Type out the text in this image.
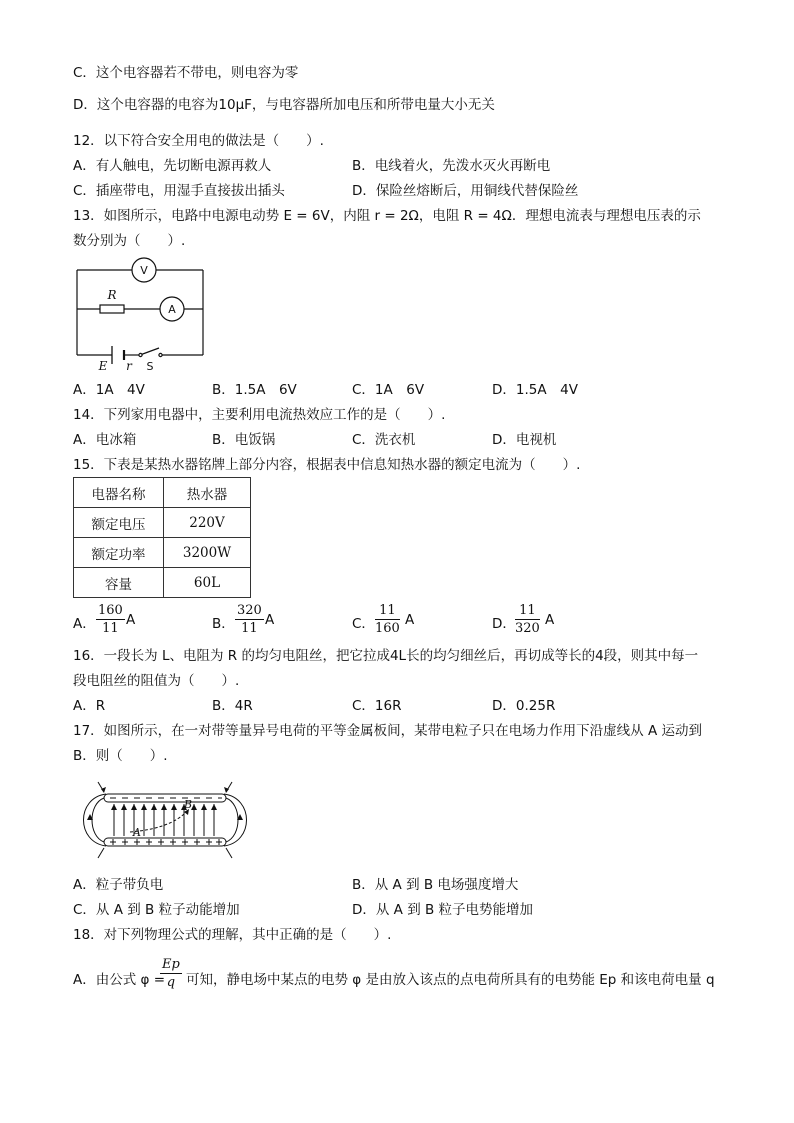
C．这个电容器若不带电，则电容为零
D．这个电容器的电容为10μF，与电容器所加电压和所带电量大小无关
12．以下符合安全用电的做法是（　　）.
A．有人触电，先切断电源再救人	B．电线着火，先泼水灭火再断电
C．插座带电，用湿手直接拔出插头	D．保险丝熔断后，用铜线代替保险丝
13．如图所示，电路中电源电动势 E = 6V，内阻 r = 2Ω，电阻 R = 4Ω．理想电流表与理想电压表的示
数分别为（　　）.
V
A
R
E r S
A．1A　4V	B．1.5A　6V	C．1A　6V	D．1.5A　4V
14．下列家用电器中，主要利用电流热效应工作的是（　　）.
A．电冰箱	B．电饭锅	C．洗衣机	D．电视机
15．下表是某热水器铭牌上部分内容，根据表中信息知热水器的额定电流为（　　）.
电器名称	热水器
额定电压	220V
额定功率	3200W
容量	60L
A． $\frac{160}{11}$ A	B． $\frac{320}{11}$ A	C． $\frac{11}{160}$ A	D． $\frac{11}{320}$ A
16．一段长为 L、电阻为 R 的均匀电阻丝，把它拉成4L长的均匀细丝后，再切成等长的4段，则其中每一
段电阻丝的阻值为（　　）.
A．R	B．4R	C．16R	D．0.25R
17．如图所示，在一对带等量异号电荷的平等金属板间，某带电粒子只在电场力作用下沿虚线从 A 运动到
B．则（　　）.
A
B
A．粒子带负电	B．从 A 到 B 电场强度增大
C．从 A 到 B 粒子动能增加	D．从 A 到 B 粒子电势能增加
18．对下列物理公式的理解，其中正确的是（　　）.
A．由公式 φ =
$\frac{Ep}{q}$ 可知，静电场中某点的电势 φ 是由放入该点的点电荷所具有的电势能 Ep 和该电荷电量 q
